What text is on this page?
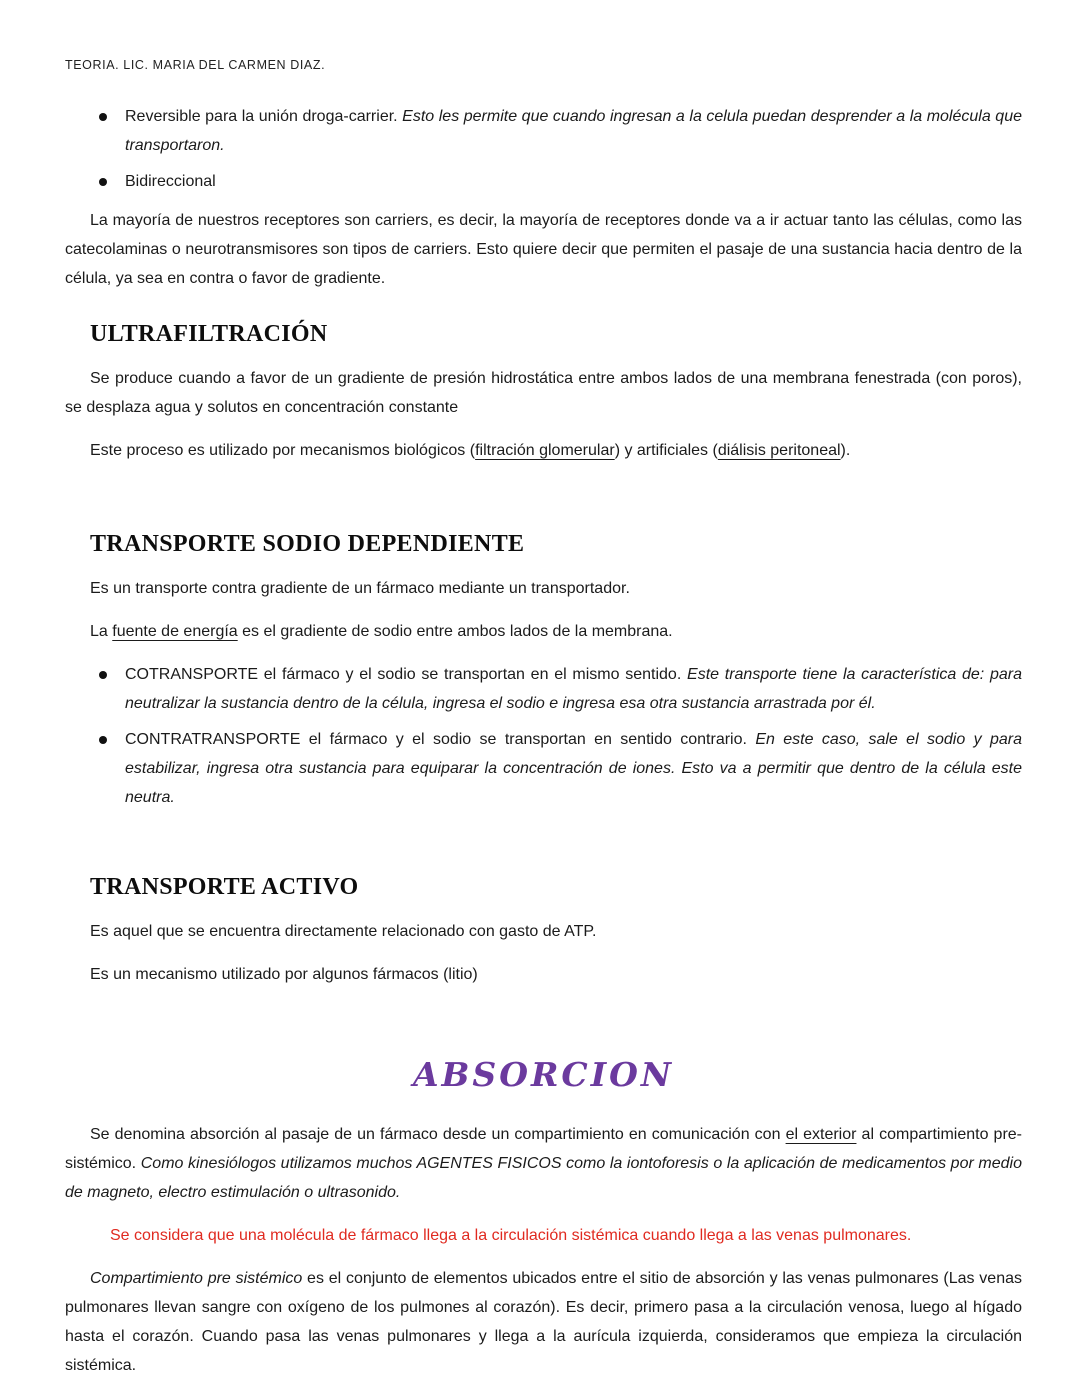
TEORIA. LIC. MARIA DEL CARMEN DIAZ.

Reversible para la unión droga-carrier. Esto les permite que cuando ingresan a la celula puedan desprender a la molécula que transportaron.
Bidireccional

La mayoría de nuestros receptores son carriers, es decir, la mayoría de receptores donde va a ir actuar tanto las células, como las catecolaminas o neurotransmisores son tipos de carriers. Esto quiere decir que permiten el pasaje de una sustancia hacia dentro de la célula, ya sea en contra o favor de gradiente.

ULTRAFILTRACIÓN

Se produce cuando a favor de un gradiente de presión hidrostática entre ambos lados de una membrana fenestrada (con poros), se desplaza agua y solutos en concentración constante

Este proceso es utilizado por mecanismos biológicos (filtración glomerular) y artificiales (diálisis peritoneal).

TRANSPORTE SODIO DEPENDIENTE

Es un transporte contra gradiente de un fármaco mediante un transportador.

La fuente de energía es el gradiente de sodio entre ambos lados de la membrana.

COTRANSPORTE el fármaco y el sodio se transportan en el mismo sentido. Este transporte tiene la característica de: para neutralizar la sustancia dentro de la célula, ingresa el sodio e ingresa esa otra sustancia arrastrada por él.
CONTRATRANSPORTE el fármaco y el sodio se transportan en sentido contrario. En este caso, sale el sodio y para estabilizar, ingresa otra sustancia para equiparar la concentración de iones. Esto va a permitir que dentro de la célula este neutra.
TRANSPORTE ACTIVO

Es aquel que se encuentra directamente relacionado con gasto de ATP.

Es un mecanismo utilizado por algunos fármacos (litio)

ABSORCION

Se denomina absorción al pasaje de un fármaco desde un compartimiento en comunicación con el exterior al compartimiento pre-sistémico. Como kinesiólogos utilizamos muchos AGENTES FISICOS como la iontoforesis o la aplicación de medicamentos por medio de magneto, electro estimulación o ultrasonido.

Se considera que una molécula de fármaco llega a la circulación sistémica cuando llega a las venas pulmonares.

Compartimiento pre sistémico es el conjunto de elementos ubicados entre el sitio de absorción y las venas pulmonares (Las venas pulmonares llevan sangre con oxígeno de los pulmones al corazón). Es decir, primero pasa a la circulación venosa, luego al hígado hasta el corazón. Cuando pasa las venas pulmonares y llega a la aurícula izquierda, consideramos que empieza la circulación sistémica.
